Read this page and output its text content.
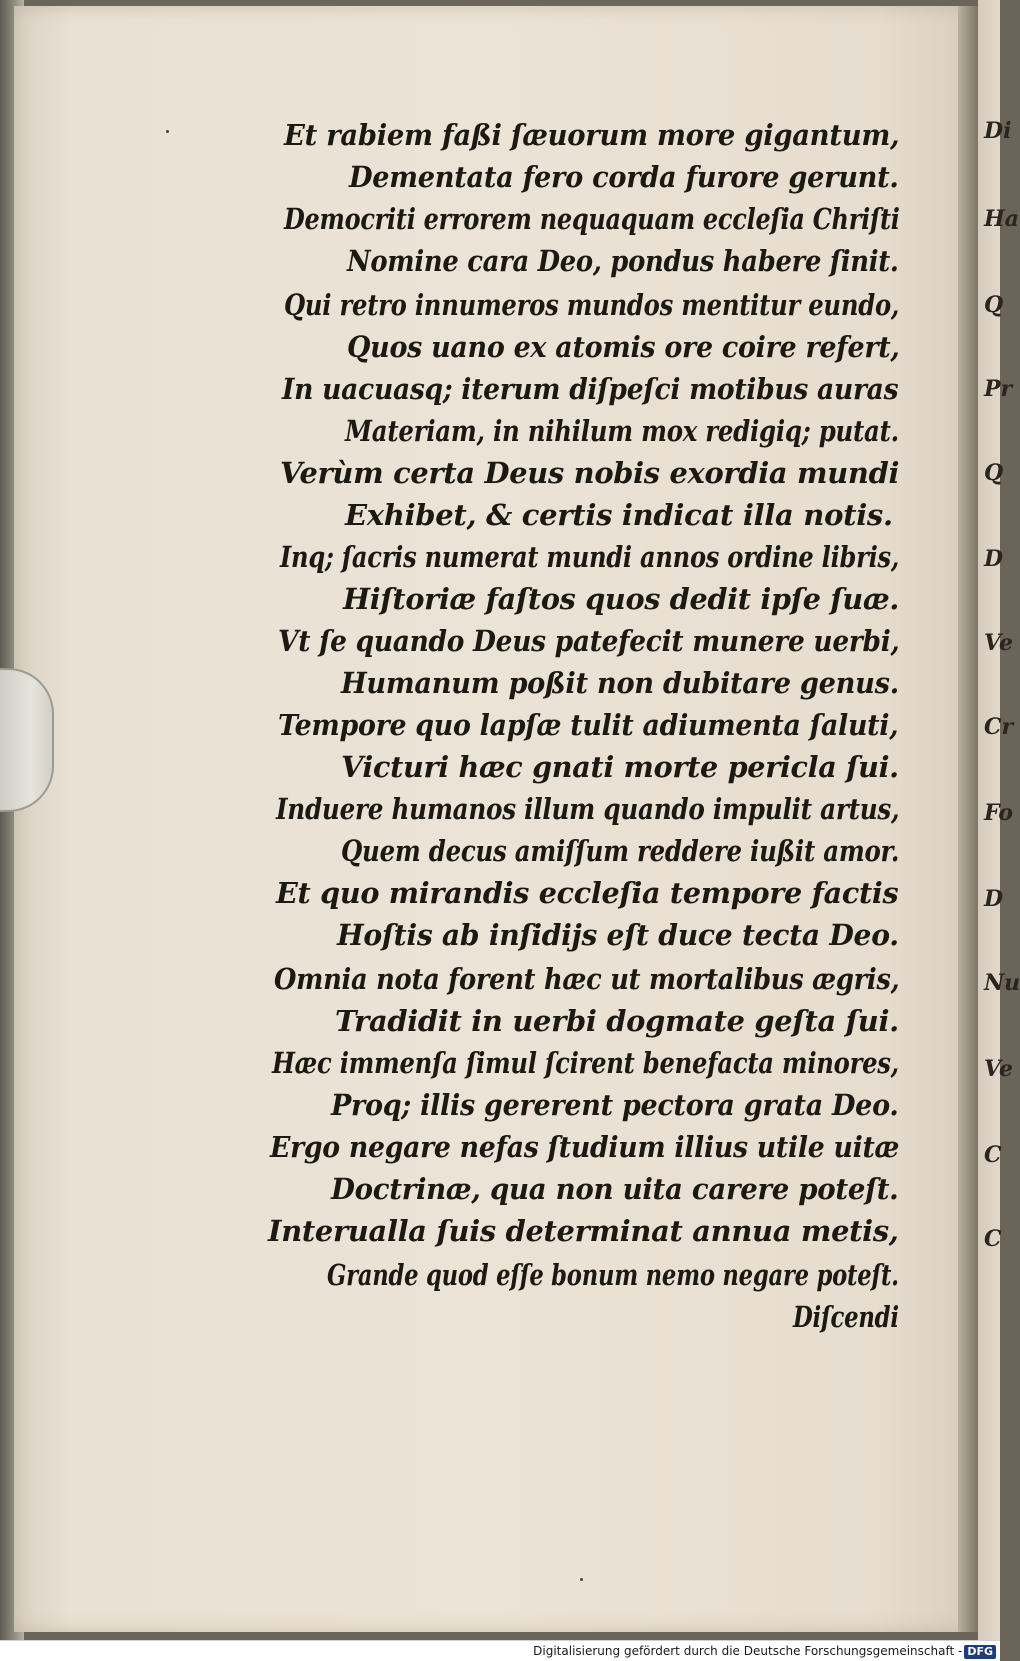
Et rabiem faßi ſæuorum more gigantum,
Dementata fero corda furore gerunt.
Democriti errorem nequaquam eccleſia Chriſti
Nomine cara Deo, pondus habere ſinit.
Qui retro innumeros mundos mentitur eundo,
Quos uano ex atomis ore coire refert,
In uacuasq; iterum diſpeſci motibus auras
Materiam, in nihilum mox redigiq; putat.
Verùm certa Deus nobis exordia mundi
Exhibet, & certis indicat illa notis.
Inq; ſacris numerat mundi annos ordine libris,
Hiſtoriæ faſtos quos dedit ipſe ſuæ.
Vt ſe quando Deus patefecit munere uerbi,
Humanum poßit non dubitare genus.
Tempore quo lapſæ tulit adiumenta ſaluti,
Victuri hæc gnati morte pericla ſui.
Induere humanos illum quando impulit artus,
Quem decus amiſſum reddere iußit amor.
Et quo mirandis eccleſia tempore factis
Hoſtis ab inſidijs eſt duce tecta Deo.
Omnia nota forent hæc ut mortalibus ægris,
Tradidit in uerbi dogmate geſta ſui.
Hæc immenſa ſimul ſcirent benefacta minores,
Proq; illis gererent pectora grata Deo.
Ergo negare nefas ſtudium illius utile uitæ
Doctrinæ, qua non uita carere poteſt.
Interualla ſuis determinat annua metis,
Grande quod eſſe bonum nemo negare poteſt.
Diſcendi
Di
Ha
Q
Pr
Q
D
Ve
Cr
Fo
D
Nu
Ve
C
C
Digitalisierung gefördert durch die Deutsche Forschungsgemeinschaft - DFG
